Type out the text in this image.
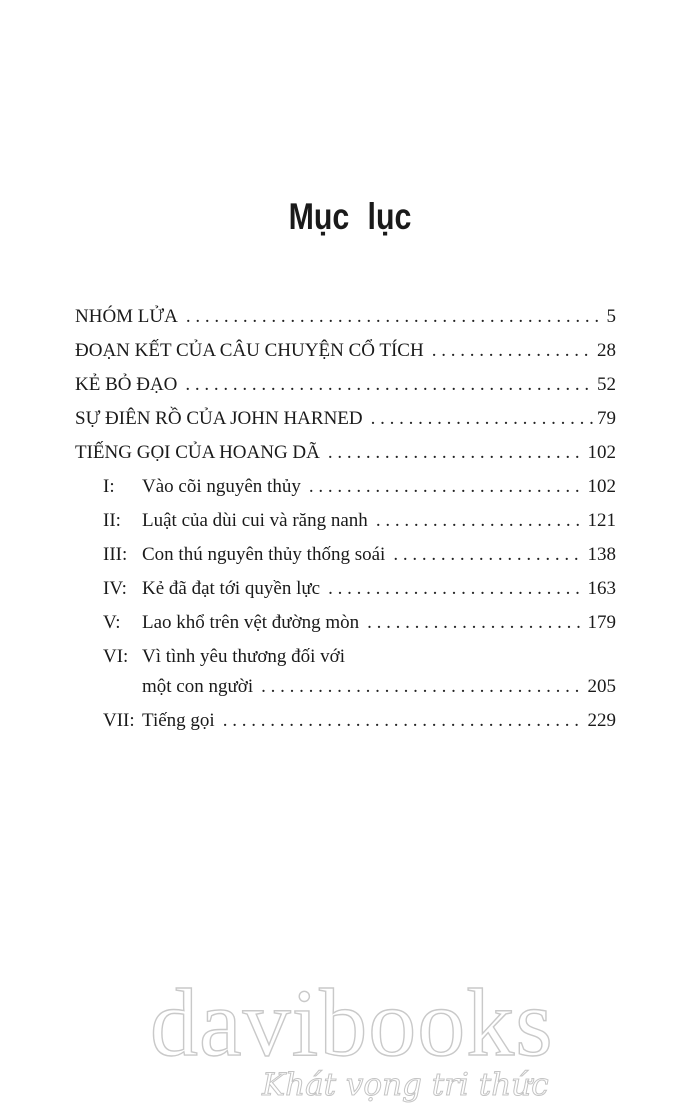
Mục lục
NHÓM LỬA . . .	5
ĐOẠN KẾT CỦA CÂU CHUYỆN CỔ TÍCH . . .	28
KẺ BỎ ĐẠO . . .	52
SỰ ĐIÊN RỒ CỦA JOHN HARNED . . .	79
TIẾNG GỌI CỦA HOANG DÃ . . .	102
I:	Vào cõi nguyên thủy . . .	102
II:	Luật của dùi cui và răng nanh . . .	121
III: Con thú nguyên thủy thống soái . . .	138
IV: Kẻ đã đạt tới quyền lực . . .	163
V:	Lao khổ trên vệt đường mòn . . .	179
VI: Vì tình yêu thương đối với
một con người . . .	205
VII: Tiếng gọi . . .	229
davibooks
Khát vọng tri thức
